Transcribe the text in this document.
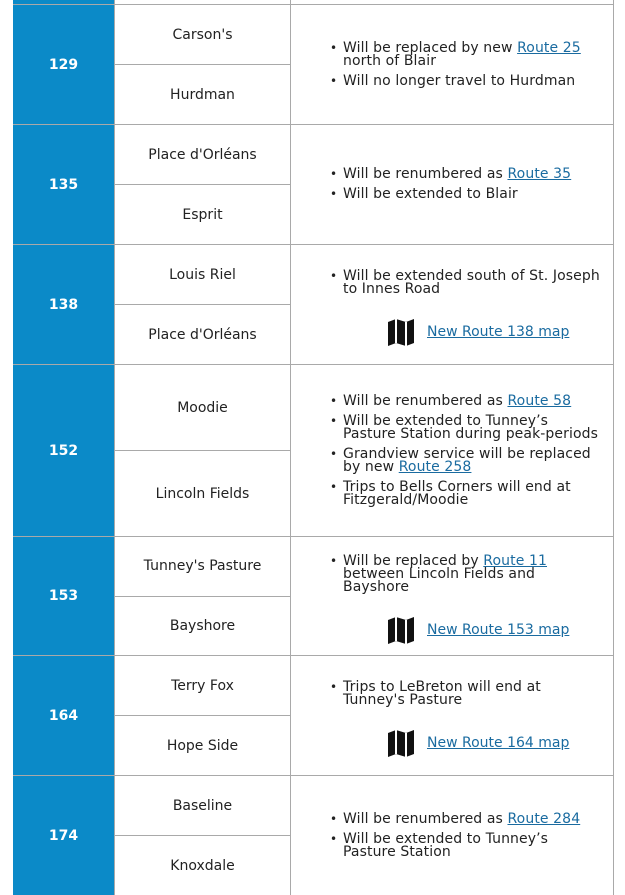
129
Carson's
Hurdman
• Will be replaced by new Route 25 north of Blair
• Will no longer travel to Hurdman
135
Place d'Orléans
Esprit
• Will be renumbered as Route 35
• Will be extended to Blair
138
Louis Riel
Place d'Orléans
• Will be extended south of St. Joseph to Innes Road
New Route 138 map
152
Moodie
Lincoln Fields
• Will be renumbered as Route 58
• Will be extended to Tunney’s Pasture Station during peak-periods
• Grandview service will be replaced by new Route 258
• Trips to Bells Corners will end at Fitzgerald/Moodie
153
Tunney's Pasture
Bayshore
• Will be replaced by Route 11 between Lincoln Fields and Bayshore
New Route 153 map
164
Terry Fox
Hope Side
• Trips to LeBreton will end at Tunney's Pasture
New Route 164 map
174
Baseline
Knoxdale
• Will be renumbered as Route 284
• Will be extended to Tunney’s Pasture Station
